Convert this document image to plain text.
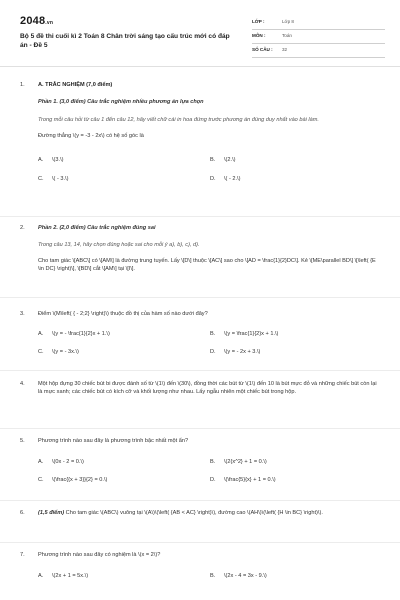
2048.vn
Bộ 5 đề thi cuối kì 2 Toán 8 Chân trời sáng tạo cấu trúc mới có đáp án - Đề 5
LỚP :	Lớp 8
MÔN :	Toán
SỐ CÂU :	32
1.	A. TRẮC NGHIỆM (7,0 điểm)
Phần 1. (3,0 điểm) Câu trắc nghiệm nhiều phương án lựa chọn
Trong mỗi câu hỏi từ câu 1 đến câu 12, hãy viết chữ cái in hoa đứng trước phương án đúng duy nhất vào bài làm.
Đường thẳng \(y = -3 - 2x\) có hệ số góc là
A.	\(3.\)	B.	\(2.\)
C.	\( - 3.\)	D.	\( - 2.\)
2.	Phần 2. (2,0 điểm) Câu trắc nghiệm đúng sai
Trong câu 13, 14, hãy chọn đúng hoặc sai cho mỗi ý a), b), c), d).
Cho tam giác \[ABC\] có \[AM\] là đường trung tuyến. Lấy \[D\] thuộc \[AC\] sao cho \[AD = \frac{1}{2}DC\]. Kẻ \[ME\parallel BD\] \[\left( {E \in DC} \right)\], \[BD\] cắt \[AM\] tại \[I\].
3.	Điểm \(M\left( { - 2;2} \right)\) thuộc đồ thị của hàm số nào dưới đây?
A.	\(y = - \frac{1}{2}x + 1.\)	B.	\(y = \frac{1}{2}x + 1.\)
C.	\(y = - 3x.\)	D.	\(y = - 2x + 3.\)
4.	Một hộp đựng 30 chiếc bút bi được đánh số từ \(1\) đến \(30\), đồng thời các bút từ \(1\) đến 10 là bút mực đỏ và những chiếc bút còn lại là mực xanh; các chiếc bút có kích cỡ và khối lượng như nhau. Lấy ngẫu nhiên một chiếc bút trong hộp.
5.	Phương trình nào sau đây là phương trình bậc nhất một ẩn?
A.	\(0x - 2 = 0.\)	B.	\(2{x^2} + 1 = 0.\)
C.	\(\frac{{x + 3}}{2} = 0.\)	D.	\(\frac{5}{x} + 1 = 0.\)
6.	(1,5 điểm) Cho tam giác \(ABC\) vuông tại \(A\)\(\left( {AB < AC} \right)\), đường cao \(AH\)\(\left( {H \in BC} \right)\).
7.	Phương trình nào sau đây có nghiệm là \(x = 2\)?
A.	\(2x + 1 = 5x.\)	B.	\(2x - 4 = 3x - 9.\)
